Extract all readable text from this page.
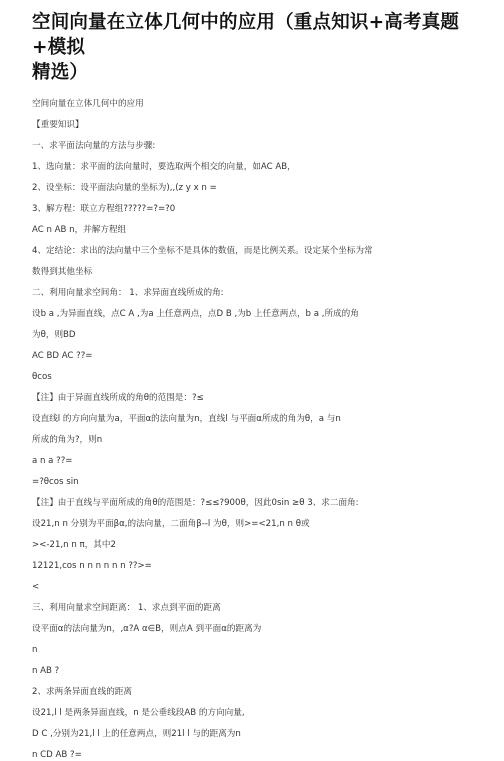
空间向量在立体几何中的应用（重点知识+高考真题+模拟
精选）

空间向量在立体几何中的应用

【重要知识】

一、求平面法向量的方法与步骤:

1、选向量：求平面的法向量时，要选取两个相交的向量，如AC AB，

2、设坐标：设平面法向量的坐标为),,(z y x n =

3、解方程：联立方程组?????=?=?0

AC n AB n，并解方程组

4、定结论：求出的法向量中三个坐标不是具体的数值，而是比例关系。设定某个坐标为常

数得到其他坐标

二、利用向量求空间角： 1、求异面直线所成的角:

设b a ,为异面直线，点C A ,为a 上任意两点，点D B ,为b 上任意两点，b a ,所成的角

为θ，则BD

AC BD AC ??=

θcos

【注】由于异面直线所成的角θ的范围是：?≤

设直线l 的方向向量为a，平面α的法向量为n，直线l 与平面α所成的角为θ，a 与n

所成的角为?，则n

a n a ??=

=?θcos sin

【注】由于直线与平面所成的角θ的范围是：?≤≤?900θ，因此0sin ≥θ 3、求二面角:

设21,n n 分别为平面βα,的法向量，二面角β--l 为θ，则>=<21,n n θ或

><-21,n n π，其中2

12121,cos n n n n n n ??>=

<

三、利用向量求空间距离： 1、求点到平面的距离

设平面α的法向量为n，,α?A α∈B，则点A 到平面α的距离为

n

n AB ?

2、求两条异面直线的距离

设21,l l 是两条异面直线，n 是公垂线段AB 的方向向量,

D C ,分别为21,l l 上的任意两点，则21l l 与的距离为n

n CD AB ?=
